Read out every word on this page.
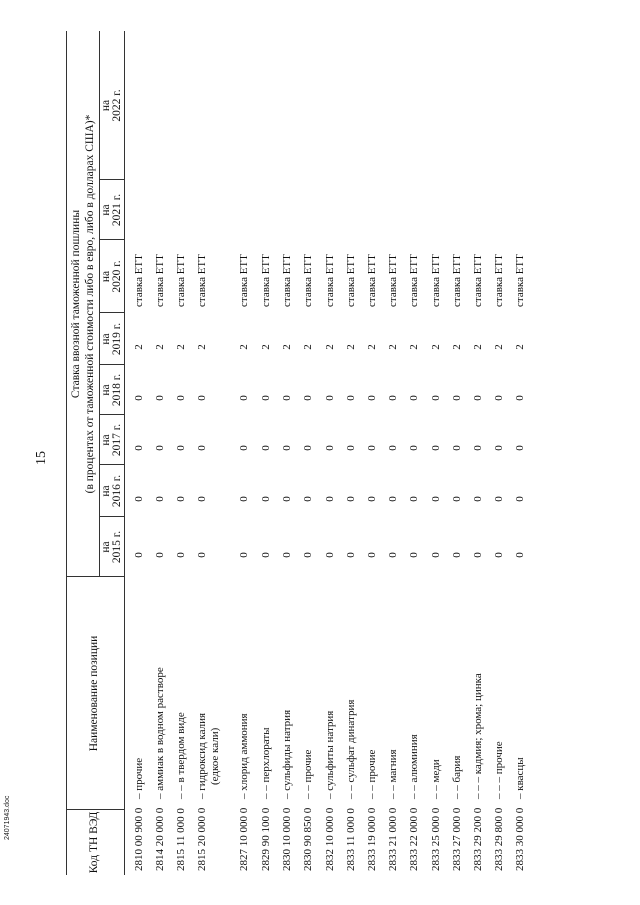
15
Код ТН ВЭД
Наименование позиции
Ставка ввозной таможенной пошлины (в процентах от таможенной стоимости либо в евро, либо в долларах США)*
на 2015 г.
на 2016 г.
на 2017 г.
на 2018 г.
на 2019 г.
на 2020 г.
на 2021 г.
на 2022 г.
2810 00 900 0
– прочие
0
0
0
0
2
ставка ЕТТ
2814 20 000 0
– аммиак в водном растворе
0
0
0
0
2
ставка ЕТТ
2815 11 000 0
– – в твердом виде
0
0
0
0
2
ставка ЕТТ
2815 20 000 0
– гидроксид калия (едкое кали)
0
0
0
0
2
ставка ЕТТ
2827 10 000 0
– хлорид аммония
0
0
0
0
2
ставка ЕТТ
2829 90 100 0
– – перхлораты
0
0
0
0
2
ставка ЕТТ
2830 10 000 0
– сульфиды натрия
0
0
0
0
2
ставка ЕТТ
2830 90 850 0
– – прочие
0
0
0
0
2
ставка ЕТТ
2832 10 000 0
– сульфиты натрия
0
0
0
0
2
ставка ЕТТ
2833 11 000 0
– – сульфат динатрия
0
0
0
0
2
ставка ЕТТ
2833 19 000 0
– – прочие
0
0
0
0
2
ставка ЕТТ
2833 21 000 0
– – магния
0
0
0
0
2
ставка ЕТТ
2833 22 000 0
– – алюминия
0
0
0
0
2
ставка ЕТТ
2833 25 000 0
– – меди
0
0
0
0
2
ставка ЕТТ
2833 27 000 0
– – бария
0
0
0
0
2
ставка ЕТТ
2833 29 200 0
– – – кадмия; хрома; цинка
0
0
0
0
2
ставка ЕТТ
2833 29 800 0
– – – прочие
0
0
0
0
2
ставка ЕТТ
2833 30 000 0
– квасцы
0
0
0
0
2
ставка ЕТТ
24071943.doc
